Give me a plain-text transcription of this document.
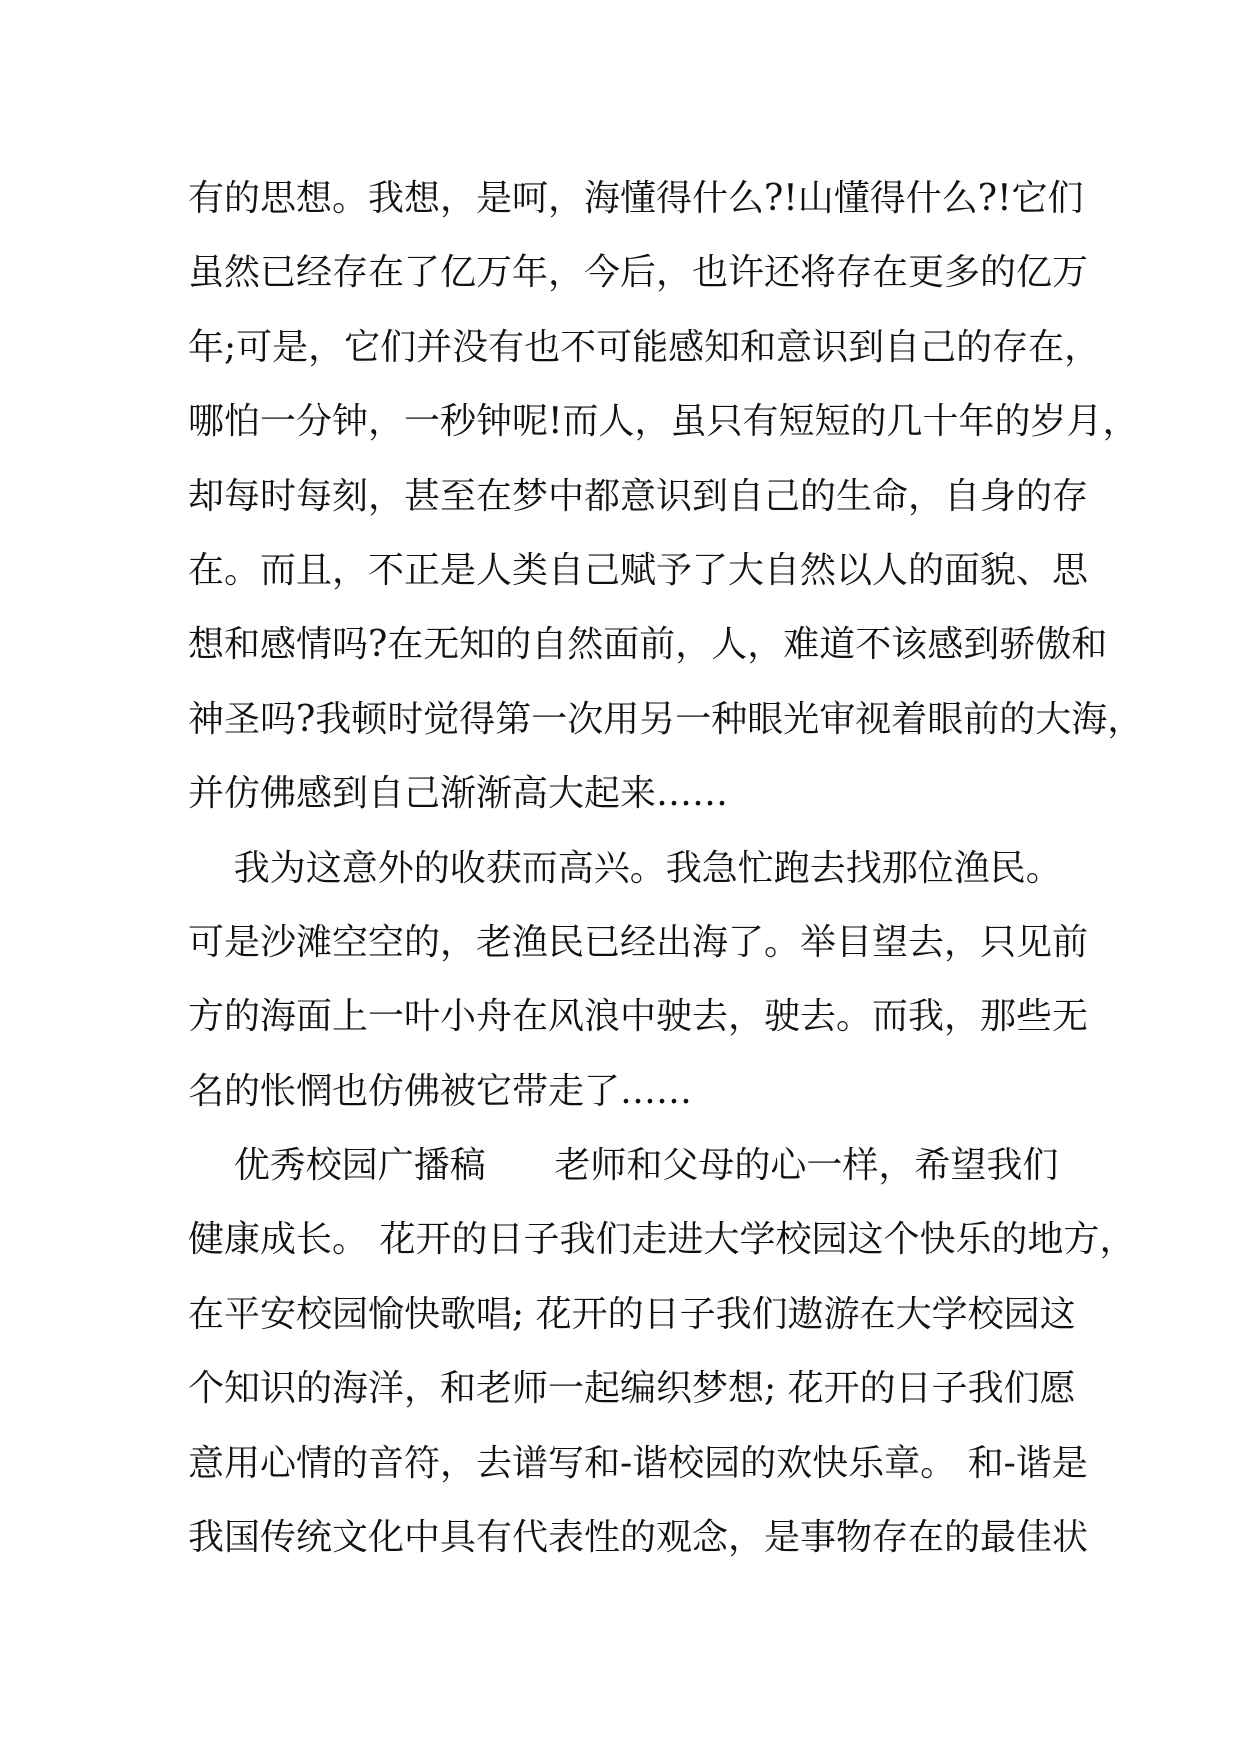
有的思想。我想，是呵，海懂得什么?!山懂得什么?!它们
虽然已经存在了亿万年，今后，也许还将存在更多的亿万
年;可是，它们并没有也不可能感知和意识到自己的存在，
哪怕一分钟，一秒钟呢!而人，虽只有短短的几十年的岁月，
却每时每刻，甚至在梦中都意识到自己的生命，自身的存
在。而且，不正是人类自己赋予了大自然以人的面貌、思
想和感情吗?在无知的自然面前，人，难道不该感到骄傲和
神圣吗?我顿时觉得第一次用另一种眼光审视着眼前的大海，
并仿佛感到自己渐渐高大起来……
我为这意外的收获而高兴。我急忙跑去找那位渔民。
可是沙滩空空的，老渔民已经出海了。举目望去，只见前
方的海面上一叶小舟在风浪中驶去，驶去。而我，那些无
名的怅惘也仿佛被它带走了……
优秀校园广播稿      老师和父母的心一样，希望我们
健康成长。 花开的日子我们走进大学校园这个快乐的地方，
在平安校园愉快歌唱; 花开的日子我们遨游在大学校园这
个知识的海洋，和老师一起编织梦想; 花开的日子我们愿
意用心情的音符，去谱写和-谐校园的欢快乐章。 和-谐是
我国传统文化中具有代表性的观念，是事物存在的最佳状
